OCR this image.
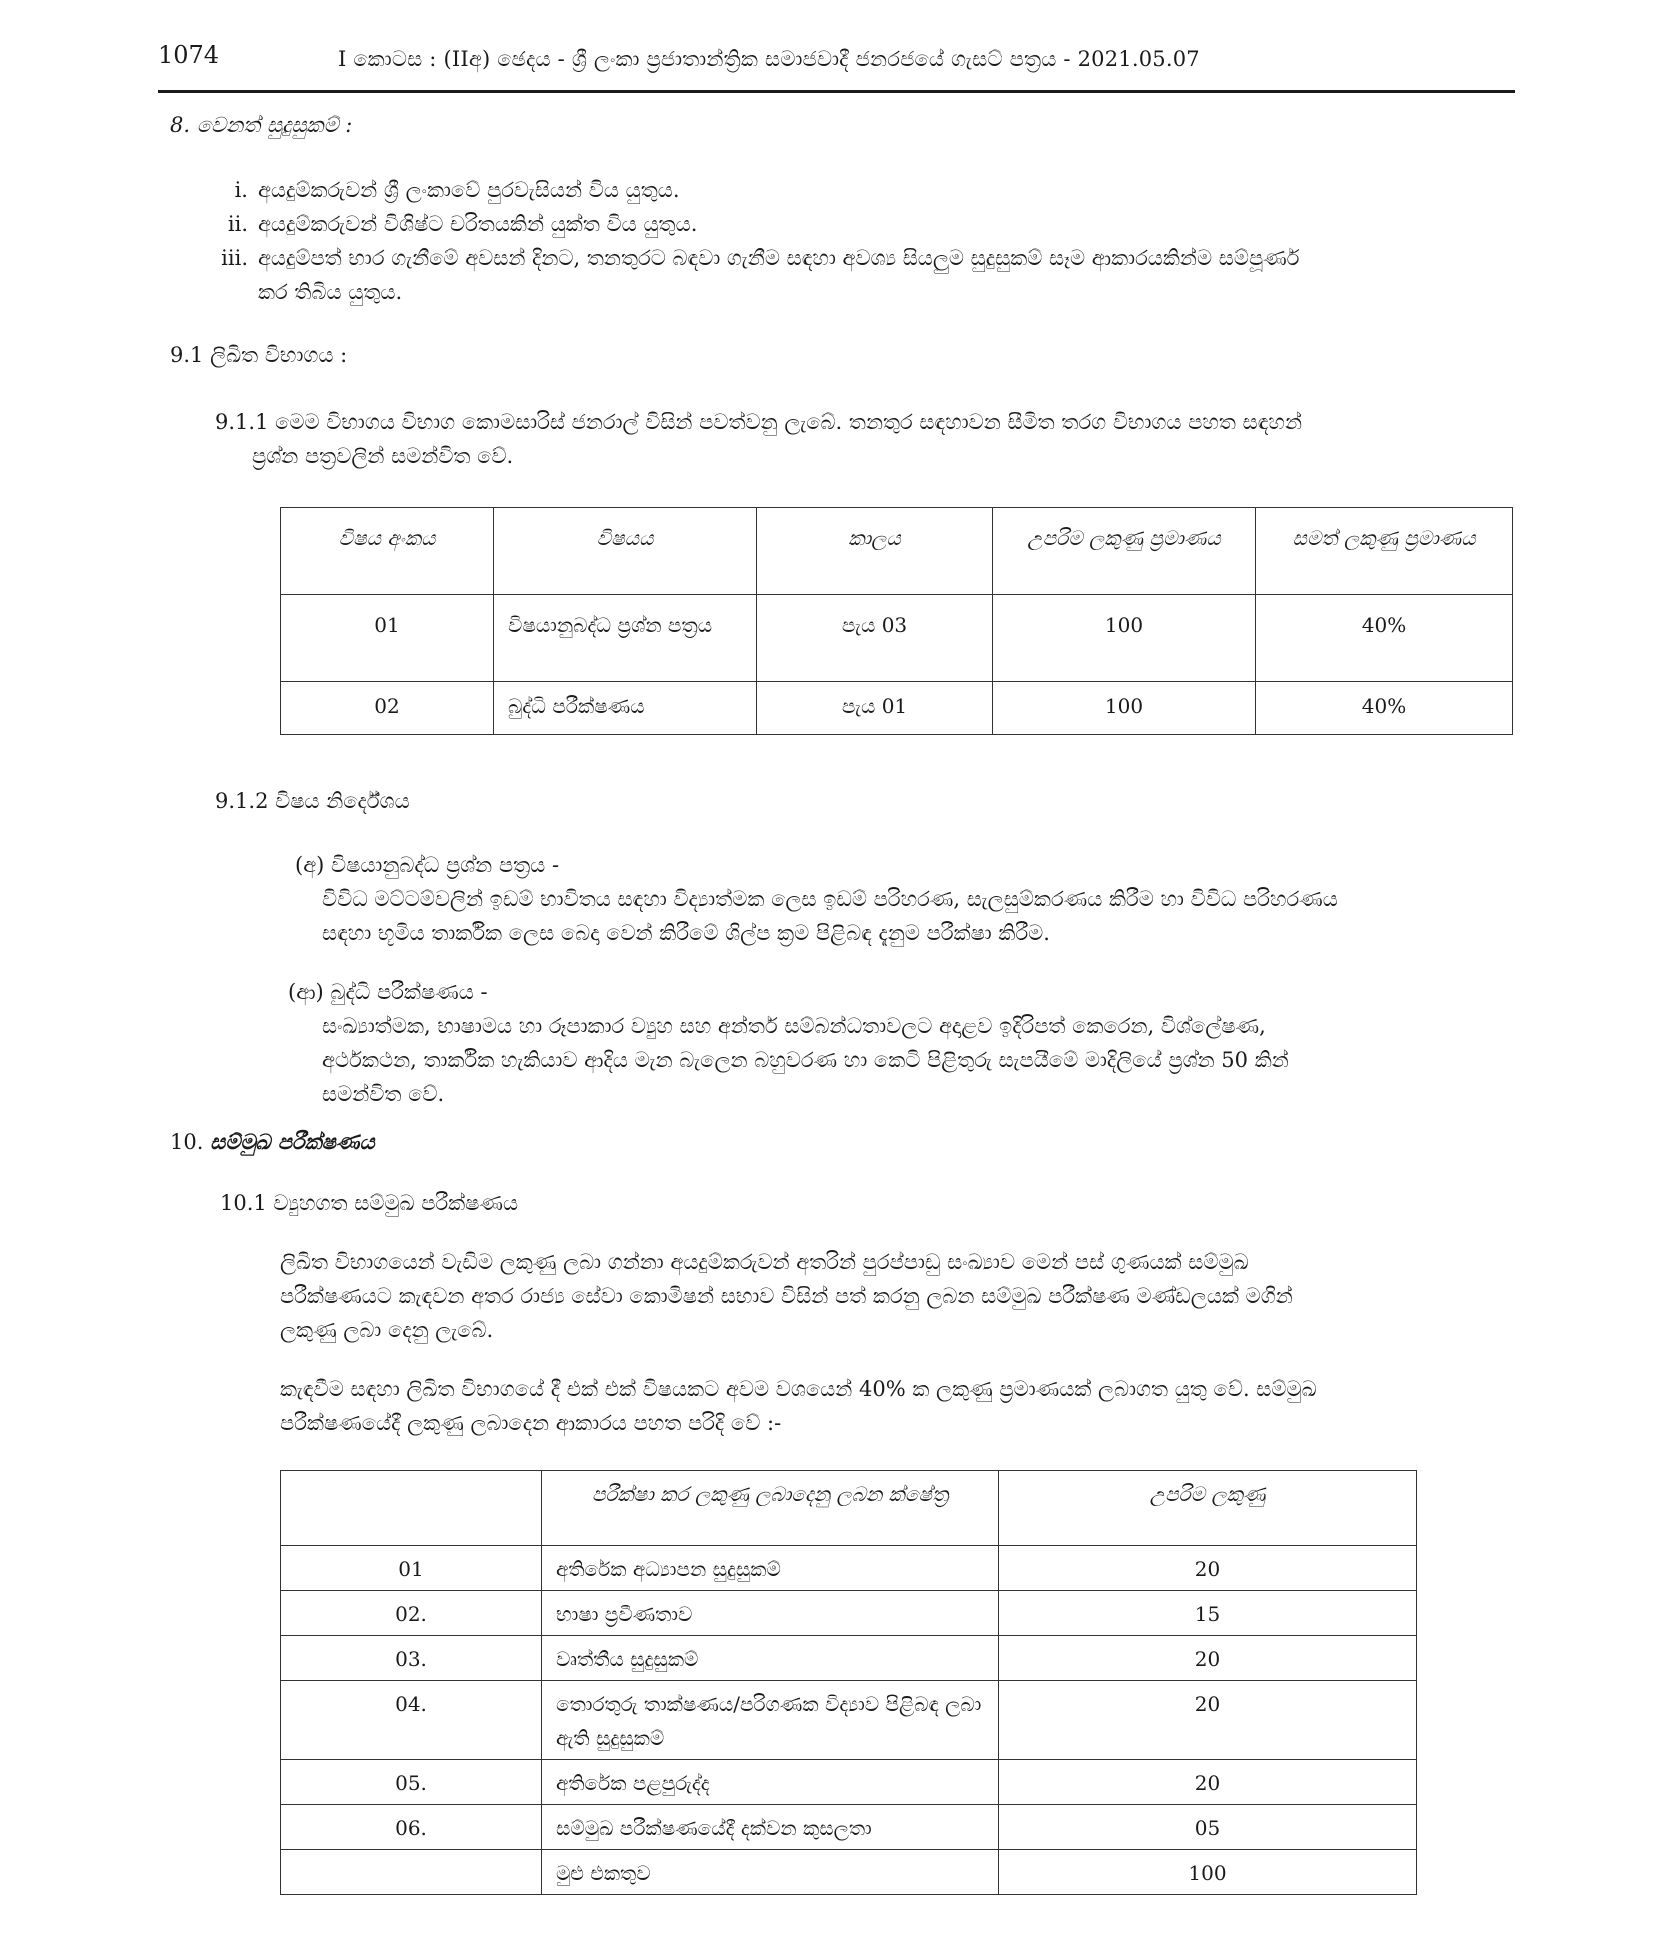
1074	I කොටස : (IIඅ) ඡෙදය - ශ්‍රී ලංකා ප්‍රජාතාන්ත්‍රික සමාජවාදී ජනරජයේ ගැසට් පත්‍රය - 2021.05.07

8. වෙනත් සුදුසුකම් :

i. අයදුම්කරුවන් ශ්‍රී ලංකාවේ පුරවැසියන් විය යුතුය.
ii. අයදුම්කරුවන් විශිෂ්ට චරිතයකින් යුක්ත විය යුතුය.
iii. අයදුම්පත් භාර ගැනීමේ අවසන් දිනට, තනතුරට බඳවා ගැනීම සඳහා අවශ්‍ය සියලුම සුදුසුකම් සෑම ආකාරයකින්ම සම්පූර්ණ
කර තිබිය යුතුය.

9.1 ලිඛිත විභාගය :

9.1.1 මෙම විභාගය විභාග කොමසාරිස් ජනරාල් විසින් පවත්වනු ලැබේ. තනතුර සඳහාවන සීමිත තරග විභාගය පහත සඳහන්

ප්‍රශ්න පත්‍රවලින් සමන්විත වේ.

විෂය අංකය	විෂයය	කාලය	උපරිම ලකුණු ප්‍රමාණය	සමත් ලකුණු ප්‍රමාණය
01	විෂයානුබද්ධ ප්‍රශ්න පත්‍රය	පැය 03	100	40%
02	බුද්ධි පරීක්ෂණය	පැය 01	100	40%

9.1.2 විෂය නිර්දේශය

(අ) විෂයානුබද්ධ ප්‍රශ්න පත්‍රය -

විවිධ මට්ටම්වලින් ඉඩම් භාවිතය සඳහා විද්‍යාත්මක ලෙස ඉඩම් පරිහරණ, සැලසුම්කරණය කිරීම හා විවිධ පරිහරණය

සඳහා භූමිය තාර්කික ලෙස බෙදා වෙන් කිරීමේ ශිල්ප ක්‍රම පිළිබඳ දැනුම පරීක්ෂා කිරීම.

(ආ) බුද්ධි පරීක්ෂණය -

සංඛ්‍යාත්මක, භාෂාමය හා රූපාකාර ව්‍යුහ සහ අන්තර් සම්බන්ධතාවලට අදාළව ඉදිරිපත් කෙරෙන, විශ්ලේෂණ,

අර්ථකථන, තාර්කික හැකියාව ආදිය මැන බැලෙන බහුවරණ හා කෙටි පිළිතුරු සැපයීමේ මාදිලියේ ප්‍රශ්න 50 කින්

සමන්විත වේ.

10. සම්මුඛ පරීක්ෂණය

10.1 ව්‍යුහගත සම්මුඛ පරීක්ෂණය

ලිඛිත විභාගයෙන් වැඩිම ලකුණු ලබා ගන්නා අයදුම්කරුවන් අතරින් පුරප්පාඩු සංඛ්‍යාව මෙන් පස් ගුණයක් සම්මුඛ

පරීක්ෂණයට කැඳවන අතර රාජ්‍ය සේවා කොමිෂන් සභාව විසින් පත් කරනු ලබන සම්මුඛ පරීක්ෂණ මණ්ඩලයක් මගින්

ලකුණු ලබා දෙනු ලැබේ.

කැඳවීම සඳහා ලිඛිත විභාගයේ දී එක් එක් විෂයකට අවම වශයෙන් 40% ක ලකුණු ප්‍රමාණයක් ලබාගත යුතු වේ. සම්මුඛ

පරීක්ෂණයේදී ලකුණු ලබාදෙන ආකාරය පහත පරිදි වේ :-

	පරීක්ෂා කර ලකුණු ලබාදෙනු ලබන ක්ෂේත්‍ර	උපරිම ලකුණු
01	අතිරේක අධ්‍යාපන සුදුසුකම්	20
02.	භාෂා ප්‍රවීණතාව	15
03.	වෘත්තීය සුදුසුකම්	20
04.	තොරතුරු තාක්ෂණය/පරිගණක විද්‍යාව පිළිබඳ ලබා ඇති සුදුසුකම්	20
05.	අතිරේක පළපුරුද්ද	20
06.	සම්මුඛ පරීක්ෂණයේදී දක්වන කුසලතා	05
	මුළු එකතුව	100
